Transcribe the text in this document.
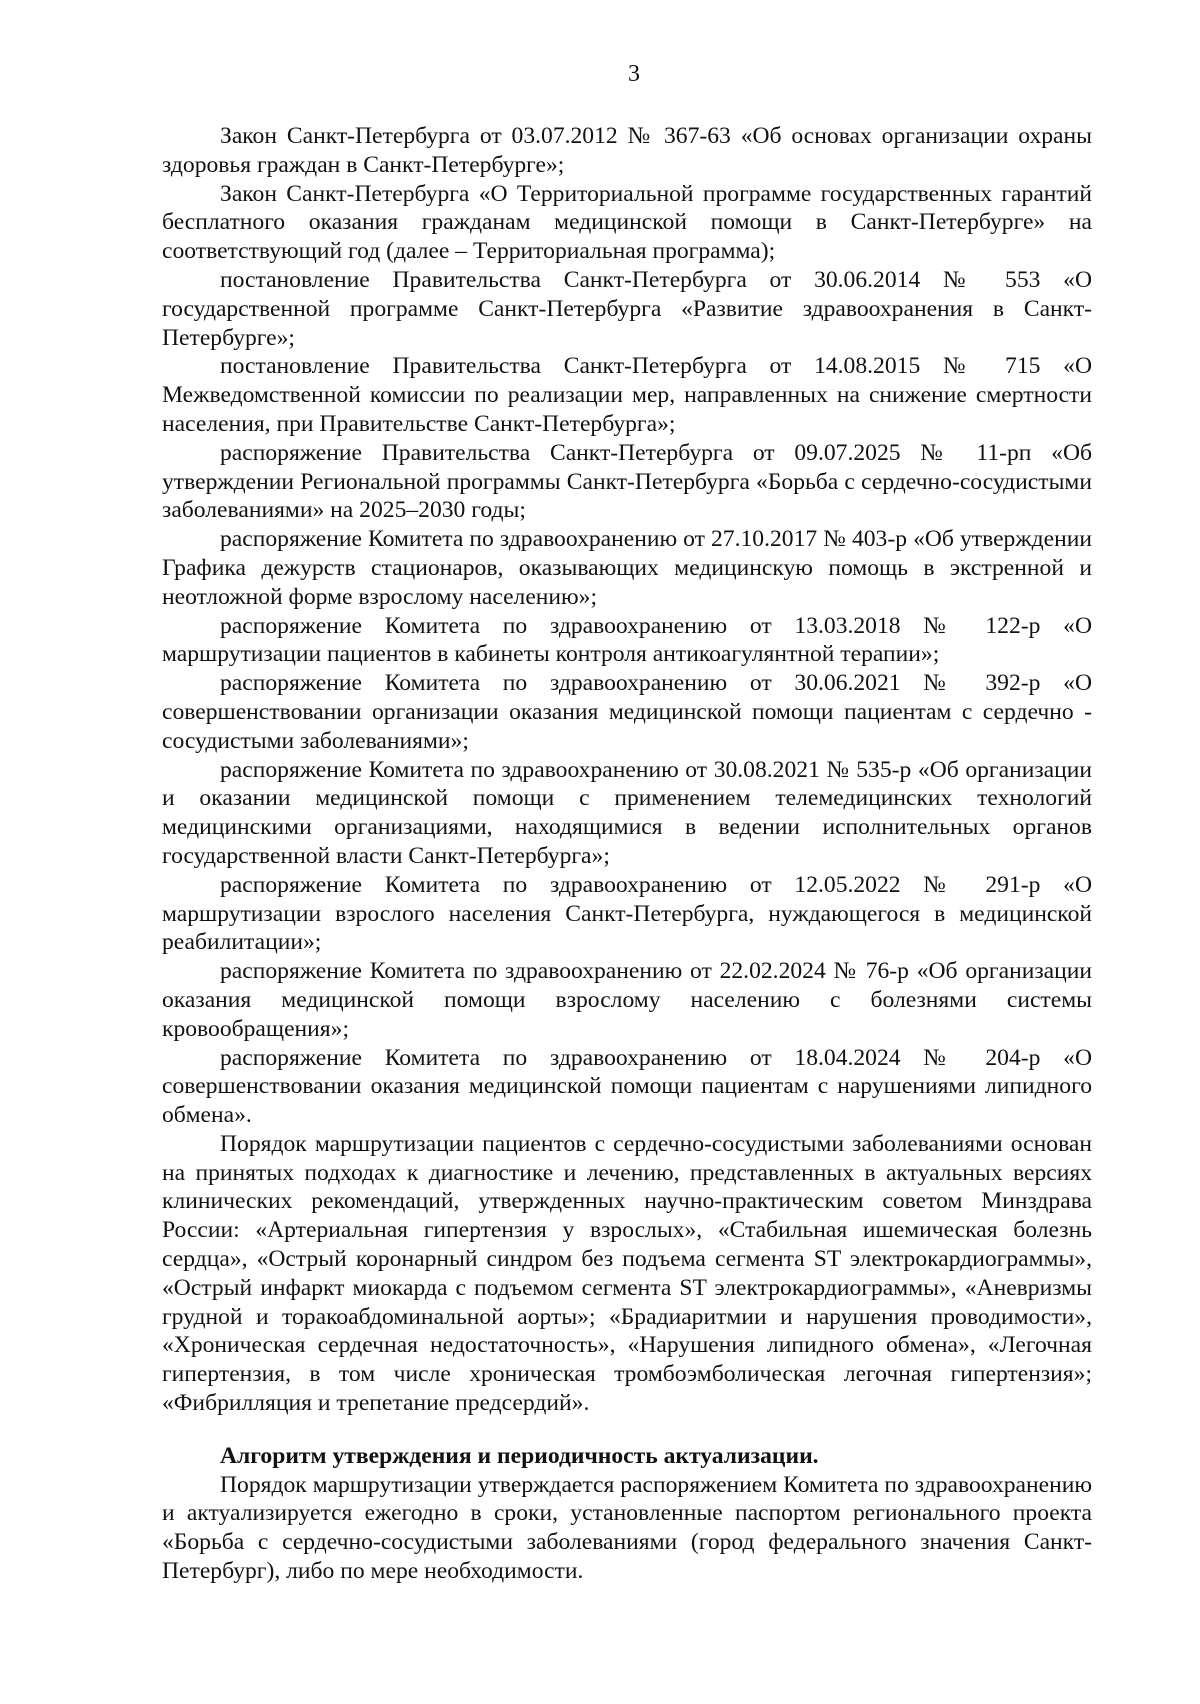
3

Закон Санкт-Петербурга от 03.07.2012 № 367-63 «Об основах организации охраны здоровья граждан в Санкт-Петербурге»;

Закон Санкт-Петербурга «О Территориальной программе государственных гарантий бесплатного оказания гражданам медицинской помощи в Санкт-Петербурге» на соответствующий год (далее – Территориальная программа);

постановление Правительства Санкт-Петербурга от 30.06.2014 № 553 «О государственной программе Санкт-Петербурга «Развитие здравоохранения в Санкт-Петербурге»;

постановление Правительства Санкт-Петербурга от 14.08.2015 № 715 «О Межведомственной комиссии по реализации мер, направленных на снижение смертности населения, при Правительстве Санкт-Петербурга»;

распоряжение Правительства Санкт-Петербурга от 09.07.2025 № 11-рп «Об утверждении Региональной программы Санкт-Петербурга «Борьба с сердечно-сосудистыми заболеваниями» на 2025–2030 годы;

распоряжение Комитета по здравоохранению от 27.10.2017 № 403-р «Об утверждении Графика дежурств стационаров, оказывающих медицинскую помощь в экстренной и неотложной форме взрослому населению»;

распоряжение Комитета по здравоохранению от 13.03.2018 № 122-р «О маршрутизации пациентов в кабинеты контроля антикоагулянтной терапии»;

распоряжение Комитета по здравоохранению от 30.06.2021 № 392-р «О совершенствовании организации оказания медицинской помощи пациентам с сердечно - сосудистыми заболеваниями»;

распоряжение Комитета по здравоохранению от 30.08.2021 № 535-р «Об организации и оказании медицинской помощи с применением телемедицинских технологий медицинскими организациями, находящимися в ведении исполнительных органов государственной власти Санкт-Петербурга»;

распоряжение Комитета по здравоохранению от 12.05.2022 № 291-р «О маршрутизации взрослого населения Санкт-Петербурга, нуждающегося в медицинской реабилитации»;

распоряжение Комитета по здравоохранению от 22.02.2024 № 76-р «Об организации оказания медицинской помощи взрослому населению с болезнями системы кровообращения»;

распоряжение Комитета по здравоохранению от 18.04.2024 № 204-р «О совершенствовании оказания медицинской помощи пациентам с нарушениями липидного обмена».

Порядок маршрутизации пациентов с сердечно-сосудистыми заболеваниями основан на принятых подходах к диагностике и лечению, представленных в актуальных версиях клинических рекомендаций, утвержденных научно-практическим советом Минздрава России: «Артериальная гипертензия у взрослых», «Стабильная ишемическая болезнь сердца», «Острый коронарный синдром без подъема сегмента ST электрокардиограммы», «Острый инфаркт миокарда с подъемом сегмента ST электрокардиограммы», «Аневризмы грудной и торакоабдоминальной аорты»; «Брадиаритмии и нарушения проводимости», «Хроническая сердечная недостаточность», «Нарушения липидного обмена», «Легочная гипертензия, в том числе хроническая тромбоэмболическая легочная гипертензия»; «Фибрилляция и трепетание предсердий».

Алгоритм утверждения и периодичность актуализации.

Порядок маршрутизации утверждается распоряжением Комитета по здравоохранению и актуализируется ежегодно в сроки, установленные паспортом регионального проекта «Борьба с сердечно-сосудистыми заболеваниями (город федерального значения Санкт-Петербург), либо по мере необходимости.
